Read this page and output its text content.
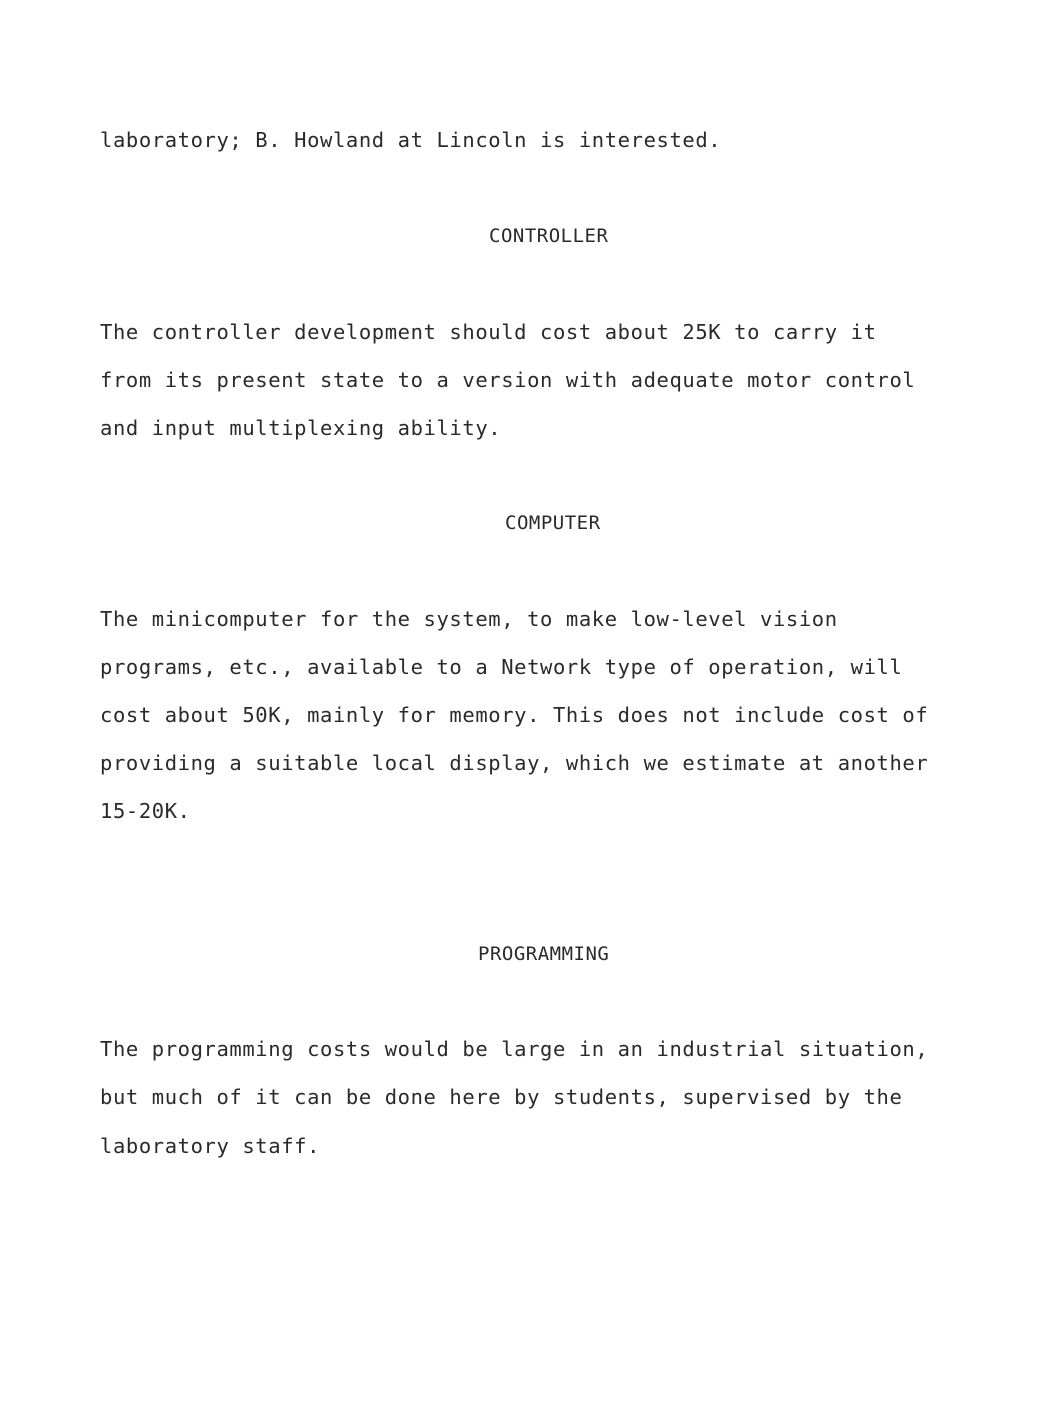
laboratory; B. Howland at Lincoln is interested.
CONTROLLER
The controller development should cost about 25K to carry it
from its present state to a version with adequate motor control
and input multiplexing ability.
COMPUTER
The minicomputer for the system, to make low-level vision
programs, etc., available to a Network type of operation, will
cost about 50K, mainly for memory. This does not include cost of
providing a suitable local display, which we estimate at another
15-20K.
PROGRAMMING
The programming costs would be large in an industrial situation,
but much of it can be done here by students, supervised by the
laboratory staff.
